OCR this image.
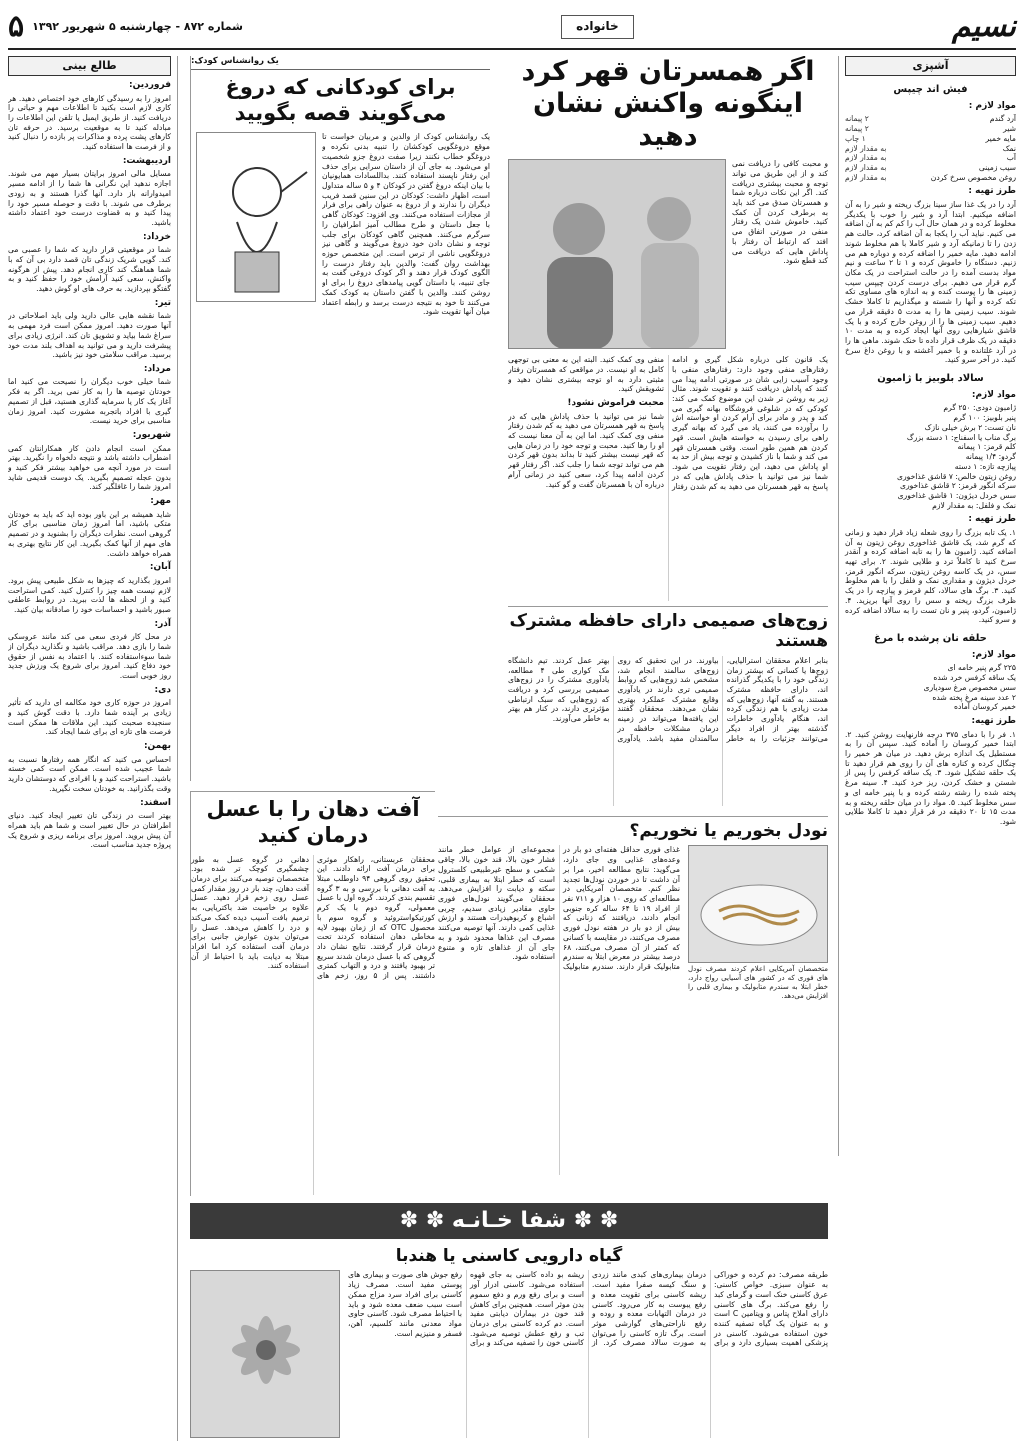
نسیم
خانواده
شماره ۸۷۲ - چهارشنبه ۵ شهریور ۱۳۹۲
۵
آشپزی
فیش اند چیپس
مواد لازم :
آرد گندم
۲ پیمانه
شیر
۲ پیمانه
مایه خمیر
۱ چاپ
نمک
به مقدار لازم
آب
به مقدار لازم
سیب زمینی
به مقدار لازم
روغن مخصوص سرخ کردن
به مقدار لازم
طرز تهیه :

آرد را در یک غذا ساز سینا بزرگ ریخته و شیر را به آن اضافه میکنیم. ابتدا آرد و شیر را خوب با یکدیگر مخلوط کرده و در همان حال آب را کم کم به آن اضافه می کنیم. نباید آب را یکجا به آن اضافه کرد، حالت هم زدن را تا زمانیکه آرد و شیر کاملا با هم مخلوط شوند ادامه دهید. مایه خمیر را اضافه کرده و دوباره هم می زنیم. دستگاه را خاموش کرده و ۱ تا ۲ ساعت و نیم مواد بدست آمده را در حالت استراحت در یک مکان گرم قرار می دهیم. برای درست کردن چیپس سیب زمینی ها را پوست کنده و به اندازه های مساوی تکه تکه کرده و آنها را شسته و میگذاریم تا کاملا خشک شوند. سیب زمینی ها را به مدت ۵ دقیقه قرار می دهیم. سیب زمینی ها را از روغن خارج کرده و با یک قاشق شیارهایی روی آنها ایجاد کرده و به مدت ۱۰ دقیقه در یک ظرف قرار داده تا خنک شوند. ماهی ها را در آرد غلتانده و با خمیر آغشته و با روغن داغ سرخ کنید. در آخر سرو کنید.

سالاد بلوبیز با ژامبون
مواد لازم:
ژامبون دودی: ۲۵۰ گرم
پنیر بلوبیز: ۱۰۰ گرم
نان تست: ۲ برش خیلی نازک
برگ مناب یا اسفناج: ۱ دسته بزرگ
کلم قرمز: ۱ پیمانه
گردو: ۱/۴ پیمانه
پیازچه تازه: ۱ دسته
روغن زیتون خالص: ۷ قاشق غذاخوری
سرکه انگور قرمز: ۲ قاشق غذاخوری
سس خردل دیژون: ۱ قاشق غذاخوری
نمک و فلفل: به مقدار لازم
طرز تهیه :

۱. یک تابه بزرگ را روی شعله زیاد قرار دهید و زمانی که گرم شد، یک قاشق غذاخوری روغن زیتون به آن اضافه کنید. ژامبون ها را به تابه اضافه کرده و آنقدر سرخ کنید تا کاملاً ترد و طلایی شوند. ۲. برای تهیه سس، در یک کاسه روغن زیتون، سرکه انگور قرمز، خردل دیژون و مقداری نمک و فلفل را با هم مخلوط کنید. ۳. برگ های سالاد، کلم قرمز و پیازچه را در یک ظرف بزرگ ریخته و سس را روی آنها بریزید. ۴. ژامبون، گردو، پنیر و نان تست را به سالاد اضافه کرده و سرو کنید.

حلقه نان پرشده با مرغ
مواد لازم:
۲۲۵ گرم پنیر خامه ای
یک ساقه کرفس خرد شده
سس مخصوص مرغ سودیاری
۲ عدد سینه مرغ پخته شده
خمیر کروسان آماده
طرز تهیه:

۱. فر را با دمای ۳۷۵ درجه فارنهایت روشن کنید. ۲. ابتدا خمیر کروسان را آماده کنید. سپس آن را به مستطیل یک اندازه برش دهید. در میان هر خمیر را چنگال کرده و کناره های آن را روی هم قرار دهید تا یک حلقه تشکیل شود. ۳. یک ساقه کرفس را پس از شستن و خشک کردن، ریز خرد کنید. ۴. سینه مرغ پخته شده را رشته رشته کرده و با پنیر خامه ای و سس مخلوط کنید. ۵. مواد را در میان حلقه ریخته و به مدت ۱۵ تا ۲۰ دقیقه در فر قرار دهید تا کاملا طلایی شود.

طالع بینی
فروردین:

امروز را به رسیدگی کارهای خود اختصاص دهید. هر کاری لازم است بکنید تا اطلاعات مهم و حیاتی را دریافت کنید. از طریق ایمیل یا تلفن این اطلاعات را مبادله کنید تا به موقعیت برسید. در حرفه تان کارهای پشت پرده و مذاکرات پر بازده را دنبال کنید و از فرصت ها استفاده کنید.

اردیبهشت:

مسایل مالی امروز برایتان بسیار مهم می شوند. اجازه ندهید این نگرانی ها شما را از ادامه مسیر امیدوارانه باز دارد. آنها گذرا هستند و به زودی برطرف می شوند. با دقت و حوصله مسیر خود را پیدا کنید و به قضاوت درست خود اعتماد داشته باشید.

خرداد:

شما در موقعیتی قرار دارید که شما را عصبی می کند. گویی شریک زندگی تان قصد دارد بی آن که با شما هماهنگ کند کاری انجام دهد. پیش از هرگونه واکنش، سعی کنید آرامش خود را حفظ کنید و به گفتگو بپردازید. به حرف های او گوش دهید.

تیر:

شما نقشه هایی عالی دارید ولی باید اصلاحاتی در آنها صورت دهید. امروز ممکن است فرد مهمی به سراغ شما بیاید و تشویق تان کند. انرژی زیادی برای پیشرفت دارید و می توانید به اهداف بلند مدت خود برسید. مراقب سلامتی خود نیز باشید.

مرداد:

شما خیلی خوب دیگران را نصیحت می کنید اما خودتان توصیه ها را به کار نمی برید. اگر به فکر آغاز یک کار یا سرمایه گذاری هستید، قبل از تصمیم گیری با افراد باتجربه مشورت کنید. امروز زمان مناسبی برای خرید نیست.

شهریور:

ممکن است انجام دادن کار همکارانتان کمی اضطراب داشته باشد و نتیجه دلخواه را نگیرید. بهتر است در مورد آنچه می خواهید بیشتر فکر کنید و بدون عجله تصمیم بگیرید. یک دوست قدیمی شاید امروز شما را غافلگیر کند.

مهر:

شاید همیشه بر این باور بوده اید که باید به خودتان متکی باشید، اما امروز زمان مناسبی برای کار گروهی است. نظرات دیگران را بشنوید و در تصمیم های مهم از آنها کمک بگیرید. این کار نتایج بهتری به همراه خواهد داشت.

آبان:

امروز بگذارید که چیزها به شکل طبیعی پیش برود. لازم نیست همه چیز را کنترل کنید. کمی استراحت کنید و از لحظه ها لذت ببرید. در روابط عاطفی صبور باشید و احساسات خود را صادقانه بیان کنید.

آذر:

در محل کار فردی سعی می کند مانند عروسکی شما را بازی دهد. مراقب باشید و نگذارید دیگران از شما سوءاستفاده کنند. با اعتماد به نفس از حقوق خود دفاع کنید. امروز برای شروع یک ورزش جدید روز خوبی است.

دی:

امروز در حوزه کاری خود مکالمه ای دارید که تأثیر زیادی بر آینده شما دارد. با دقت گوش کنید و سنجیده صحبت کنید. این ملاقات ها ممکن است فرصت های تازه ای برای شما ایجاد کند.

بهمن:

احساس می کنید که انگار همه رفتارها نسبت به شما عجیب شده است. ممکن است کمی خسته باشید. استراحت کنید و با افرادی که دوستشان دارید وقت بگذرانید. به خودتان سخت نگیرید.

اسفند:

بهتر است در زندگی تان تغییر ایجاد کنید. دنیای اطرافتان در حال تغییر است و شما هم باید همراه آن پیش بروید. امروز برای برنامه ریزی و شروع یک پروژه جدید مناسب است.

اگر همسرتان قهر کرد اینگونه واکنش نشان دهید

و محبت کافی را دریافت نمی کند و از این طریق می تواند توجه و محبت بیشتری دریافت کند. اگر این نکات درباره شما و همسرتان صدق می کند باید به برطرف کردن آن کمک کنید. خاموش شدن یک رفتار منفی در صورتی اتفاق می افتد که ارتباط آن رفتار با پاداش هایی که دریافت می کند قطع شود.

یک قانون کلی درباره شکل گیری و ادامه رفتارهای منفی وجود دارد: رفتارهای منفی با وجود آسیب زایی شان در صورتی ادامه پیدا می کنند که پاداش دریافت کنند و تقویت شوند. مثال زیر به روشن تر شدن این موضوع کمک می کند: کودکی که در شلوغی فروشگاه بهانه گیری می کند و پدر و مادر برای آرام کردن او خواسته اش را برآورده می کنند، یاد می گیرد که بهانه گیری راهی برای رسیدن به خواسته هایش است. قهر کردن هم همین طور است. وقتی همسرتان قهر می کند و شما با ناز کشیدن و توجه بیش از حد به او پاداش می دهید، این رفتار تقویت می شود. شما نیز می توانید با حذف پاداش هایی که در پاسخ به قهر همسرتان می دهید به کم شدن رفتار منفی وی کمک کنید. البته این به معنی بی توجهی کامل به او نیست. در مواقعی که همسرتان رفتار مثبتی دارد به او توجه بیشتری نشان دهید و تشویقش کنید.

محبت فراموش نشود!

شما نیز می توانید با حذف پاداش هایی که در پاسخ به قهر همسرتان می دهید به کم شدن رفتار منفی وی کمک کنید. اما این به آن معنا نیست که او را رها کنید. محبت و توجه خود را در زمان هایی که قهر نیست بیشتر کنید تا بداند بدون قهر کردن هم می تواند توجه شما را جلب کند. اگر رفتار قهر کردن ادامه پیدا کرد، سعی کنید در زمانی آرام درباره آن با همسرتان گفت و گو کنید.

یک روانشناس کودک:
برای کودکانی که دروغ می‌گویند قصه بگویید

یک روانشناس کودک از والدین و مربیان خواست تا موقع دروغگویی کودکشان را تنبیه بدنی نکرده و دروغگو خطاب نکنند زیرا صفت دروغ جزو شخصیت او می‌شود. به جای آن از داستان سرایی برای حذف این رفتار ناپسند استفاده کنند. بداللسادات همایونیان با بیان اینکه دروغ گفتن در کودکان ۴ و ۵ ساله متداول است، اظهار داشت: کودکان در این سنین قصد فریب دیگران را ندارند و از دروغ به عنوان راهی برای فرار از مجازات استفاده می‌کنند. وی افزود: کودکان گاهی با جعل داستان و طرح مطالب آمیز اطرافیان را سرگرم می‌کنند. همچنین گاهی کودکان برای جلب توجه و نشان دادن خود دروغ می‌گویند و گاهی نیز دروغگویی ناشی از ترس است. این متخصص حوزه بهداشت روان گفت: والدین باید رفتار درست را الگوی کودک قرار دهند و اگر کودک دروغی گفت به جای تنبیه، با داستان گویی پیامدهای دروغ را برای او روشن کنند. والدین با گفتن داستان به کودک کمک می‌کنند تا خود به نتیجه درست برسد و رابطه اعتماد میان آنها تقویت شود.

زوج‌های صمیمی دارای حافظه مشترک هستند

بنابر اعلام محققان استرالیایی، زوج‌ها یا کسانی که بیشتر زمان زندگی خود را با یکدیگر گذرانده اند، دارای حافظه مشترک هستند. به گفته آنها، زوج‌هایی که مدت زیادی با هم زندگی کرده اند، هنگام یادآوری خاطرات گذشته بهتر از افراد دیگر می‌توانند جزئیات را به خاطر بیاورند. در این تحقیق که روی زوج‌های سالمند انجام شد، مشخص شد زوج‌هایی که روابط صمیمی تری دارند در یادآوری وقایع مشترک عملکرد بهتری نشان می‌دهند. محققان گفتند این یافته‌ها می‌تواند در زمینه درمان مشکلات حافظه در سالمندان مفید باشد. یادآوری بهتر عمل کردند. تیم دانشگاه مک کواری طی ۴ مطالعه، یادآوری مشترک را در زوج‌های صمیمی بررسی کرد و دریافت که زوج‌هایی که سبک ارتباطی مؤثرتری دارند، در کنار هم بهتر به خاطر می‌آورند.

نودل بخوریم یا نخوریم؟

متخصصان آمریکایی اعلام کردند مصرف نودل های فوری که در کشور های آسیایی رواج دارد، خطر ابتلا به سندرم متابولیک و بیماری قلبی را افزایش می‌دهد.

غذای فوری حداقل هفته‌ای دو بار در وعده‌های غذایی وی جای دارد، می‌گوید: نتایج مطالعه اخیر، مرا بر آن داشت تا در خوردن نودل‌ها تجدید نظر کنم. متخصصان آمریکایی در مطالعه‌ای که روی ۱۰ هزار و ۷۱۱ نفر از افراد ۱۹ تا ۶۴ ساله کره جنوبی انجام دادند، دریافتند که زنانی که بیش از دو بار در هفته نودل فوری مصرف می‌کنند، در مقایسه با کسانی که کمتر از آن مصرف می‌کنند، ۶۸ درصد بیشتر در معرض ابتلا به سندرم متابولیک قرار دارند. سندرم متابولیک مجموعه‌ای از عوامل خطر مانند فشار خون بالا، قند خون بالا، چاقی شکمی و سطح غیرطبیعی کلسترول است که خطر ابتلا به بیماری قلبی، سکته و دیابت را افزایش می‌دهد. محققان می‌گویند نودل‌های فوری حاوی مقادیر زیادی سدیم، چربی اشباع و کربوهیدرات هستند و ارزش غذایی کمی دارند. آنها توصیه می‌کنند مصرف این غذاها محدود شود و به جای آن از غذاهای تازه و متنوع استفاده شود.

آفت دهان را با عسل درمان کنید

محققان عربستانی، راهکار موثری برای درمان آفت ارائه دادند. این تحقیق روی گروهی ۹۴ داوطلب مبتلا به آفت دهانی با بررسی و به ۳ گروه تقسیم بندی کردند. گروه اول با عسل معمولی، گروه دوم با یک کرم کورتیکواستروئید و گروه سوم با محصول OTC که از زمان بهبود لایه مخاطی دهان استفاده کردند تحت درمان قرار گرفتند. نتایج نشان داد گروهی که با عسل درمان شدند سریع تر بهبود یافتند و درد و التهاب کمتری داشتند. پس از ۵ روز، زخم های دهانی در گروه عسل به طور چشمگیری کوچک تر شده بود. متخصصان توصیه می‌کنند برای درمان آفت دهان، چند بار در روز مقدار کمی عسل روی زخم قرار دهید. عسل علاوه بر خاصیت ضد باکتریایی، به ترمیم بافت آسیب دیده کمک می‌کند و درد را کاهش می‌دهد. عسل را می‌توان بدون عوارض جانبی برای درمان آفت استفاده کرد اما افراد مبتلا به دیابت باید با احتیاط از آن استفاده کنند.

✽ ✽ شفا خـانـه ✽ ✽
گیاه دارویی کاسنی یا هندبا

طریقه مصرف: دم کرده و خوراکی به عنوان سبزی. خواص کاسنی: عرق کاسنی خنک است و گرمای کبد را رفع می‌کند. برگ های کاسنی دارای املاح پتاس و ویتامین C است و به عنوان یک گیاه تصفیه کننده خون استفاده می‌شود. کاسنی در پزشکی اهمیت بسیاری دارد و برای درمان بیماری‌های کبدی مانند زردی و سنگ کیسه صفرا مفید است. ریشه کاسنی برای تقویت معده و رفع یبوست به کار می‌رود. کاسنی در درمان التهابات معده و روده و رفع ناراحتی‌های گوارشی موثر است. برگ تازه کاسنی را می‌توان به صورت سالاد مصرف کرد. از ریشه بو داده کاسنی به جای قهوه استفاده می‌شود. کاسنی ادرار آور است و برای رفع ورم و دفع سموم بدن موثر است. همچنین برای کاهش قند خون در بیماران دیابتی مفید است. دم کرده کاسنی برای درمان تب و رفع عطش توصیه می‌شود. کاسنی خون را تصفیه می‌کند و برای رفع جوش های صورت و بیماری های پوستی مفید است. مصرف زیاد کاسنی برای افراد سرد مزاج ممکن است سبب ضعف معده شود و باید با احتیاط مصرف شود. کاسنی حاوی مواد معدنی مانند کلسیم، آهن، فسفر و منیزیم است.
